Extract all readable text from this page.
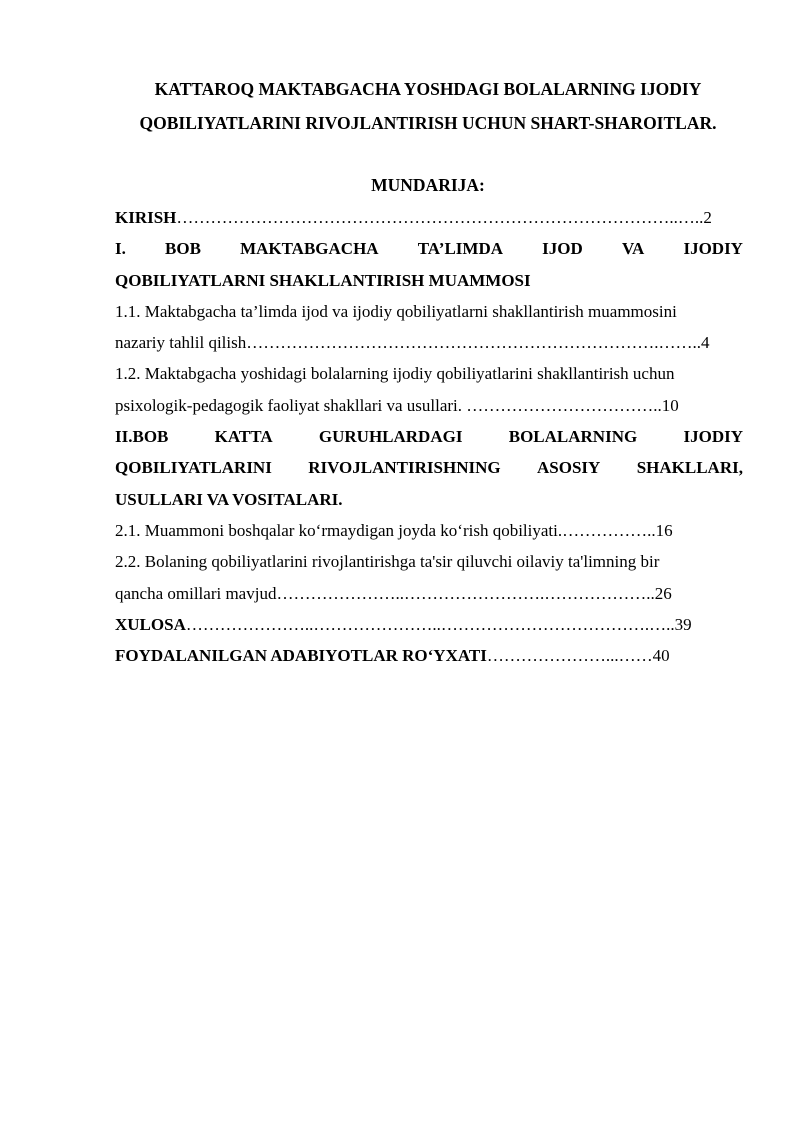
KATTAROQ MAKTABGACHA YOSHDAGI BOLALARNING IJODIY
QOBILIYATLARINI RIVOJLANTIRISH UCHUN SHART-SHAROITLAR.
MUNDARIJA:
KIRISH……………………………………………………………………………..…..2
I. BOB MAKTABGACHA TA’LIMDA IJOD VA IJODIY
QOBILIYATLARNI SHAKLLANTIRISH MUAMMOSI
1.1. Maktabgacha ta’limda ijod va ijodiy qobiliyatlarni shakllantirish muammosini
nazariy tahlil qilish……………………………………………………………….……..4
1.2. Maktabgacha yoshidagi bolalarning ijodiy qobiliyatlarini shakllantirish uchun
psixologik-pedagogik faoliyat shakllari va usullari. ……………………………..10
II.BOB	KATTA	GURUHLARDAGI	BOLALARNING	IJODIY
QOBILIYATLARINI RIVOJLANTIRISHNING ASOSIY SHAKLLARI,
USULLARI VA VOSITALARI.
2.1. Muammoni boshqalar koʻrmaydigan joyda koʻrish qobiliyati.……………..16
2.2. Bolaning qobiliyatlarini rivojlantirishga ta'sir qiluvchi oilaviy ta'limning bir
qancha omillari mavjud…………………..…………………….………………..26
XULOSA…………………..…………………..……………………………….…..39
FOYDALANILGAN ADABIYOTLAR ROʻYXATI…………………...……40
